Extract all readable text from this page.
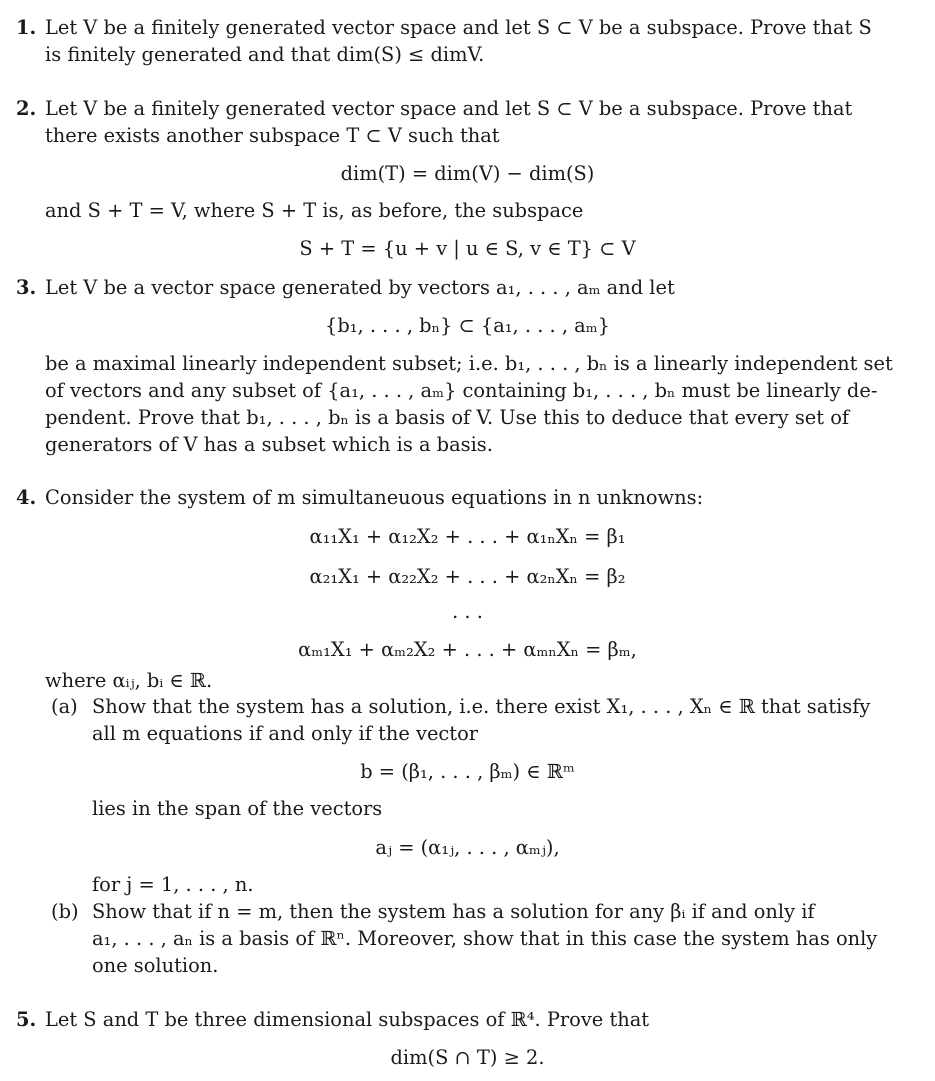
1. Let V be a finitely generated vector space and let S ⊂ V be a subspace. Prove that S
is finitely generated and that dim(S) ≤ dimV.
2. Let V be a finitely generated vector space and let S ⊂ V be a subspace. Prove that
there exists another subspace T ⊂ V such that
dim(T) = dim(V) − dim(S)
and S + T = V, where S + T is, as before, the subspace
S + T = {u + v | u ∈ S, v ∈ T} ⊂ V
3. Let V be a vector space generated by vectors a₁, . . . , aₘ and let
{b₁, . . . , bₙ} ⊂ {a₁, . . . , aₘ}
be a maximal linearly independent subset; i.e. b₁, . . . , bₙ is a linearly independent set
of vectors and any subset of {a₁, . . . , aₘ} containing b₁, . . . , bₙ must be linearly de-
pendent. Prove that b₁, . . . , bₙ is a basis of V. Use this to deduce that every set of
generators of V has a subset which is a basis.
4. Consider the system of m simultaneuous equations in n unknowns:
α₁₁X₁ + α₁₂X₂ + . . . + α₁ₙXₙ = β₁
α₂₁X₁ + α₂₂X₂ + . . . + α₂ₙXₙ = β₂
. . .
αₘ₁X₁ + αₘ₂X₂ + . . . + αₘₙXₙ = βₘ,
where αᵢⱼ, bᵢ ∈ ℝ.
(a) Show that the system has a solution, i.e. there exist X₁, . . . , Xₙ ∈ ℝ that satisfy
all m equations if and only if the vector
b = (β₁, . . . , βₘ) ∈ ℝᵐ
lies in the span of the vectors
aⱼ = (α₁ⱼ, . . . , αₘⱼ),
for j = 1, . . . , n.
(b) Show that if n = m, then the system has a solution for any βᵢ if and only if
a₁, . . . , aₙ is a basis of ℝⁿ. Moreover, show that in this case the system has only
one solution.
5. Let S and T be three dimensional subspaces of ℝ⁴. Prove that
dim(S ∩ T) ≥ 2.
